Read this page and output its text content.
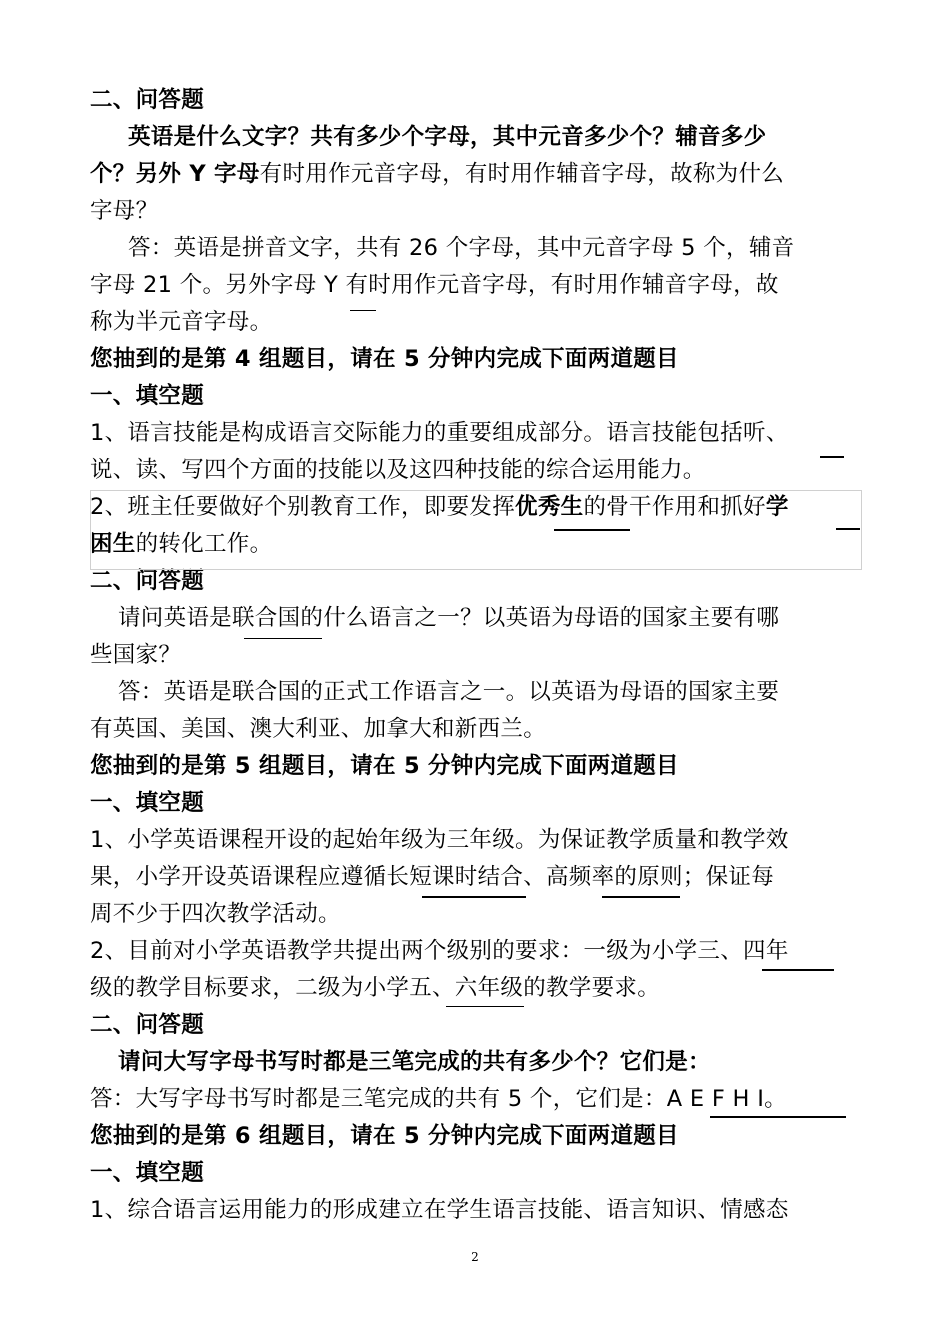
二、问答题
英语是什么文字？共有多少个字母，其中元音多少个？辅音多少
个？另外 Y 字母有时用作元音字母，有时用作辅音字母，故称为什么
字母？
答：英语是拼音文字，共有 26 个字母，其中元音字母 5 个，辅音
字母 21 个。另外字母 Y 有时用作元音字母，有时用作辅音字母，故
称为半元音字母。
您抽到的是第 4 组题目，请在 5 分钟内完成下面两道题目
一、填空题
1、语言技能是构成语言交际能力的重要组成部分。语言技能包括听、
说、读、写四个方面的技能以及这四种技能的综合运用能力。
2、班主任要做好个别教育工作，即要发挥优秀生的骨干作用和抓好学
困生的转化工作。
二、问答题
请问英语是联合国的什么语言之一？以英语为母语的国家主要有哪
些国家？
答：英语是联合国的正式工作语言之一。以英语为母语的国家主要
有英国、美国、澳大利亚、加拿大和新西兰。
您抽到的是第 5 组题目，请在 5 分钟内完成下面两道题目
一、填空题
1、小学英语课程开设的起始年级为三年级。为保证教学质量和教学效
果，小学开设英语课程应遵循长短课时结合、高频率的原则；保证每
周不少于四次教学活动。
2、目前对小学英语教学共提出两个级别的要求：一级为小学三、四年
级的教学目标要求，二级为小学五、六年级的教学要求。
二、问答题
请问大写字母书写时都是三笔完成的共有多少个？它们是：
答：大写字母书写时都是三笔完成的共有 5 个，它们是：A E F H I。
您抽到的是第 6 组题目，请在 5 分钟内完成下面两道题目
一、填空题
1、综合语言运用能力的形成建立在学生语言技能、语言知识、情感态
2
